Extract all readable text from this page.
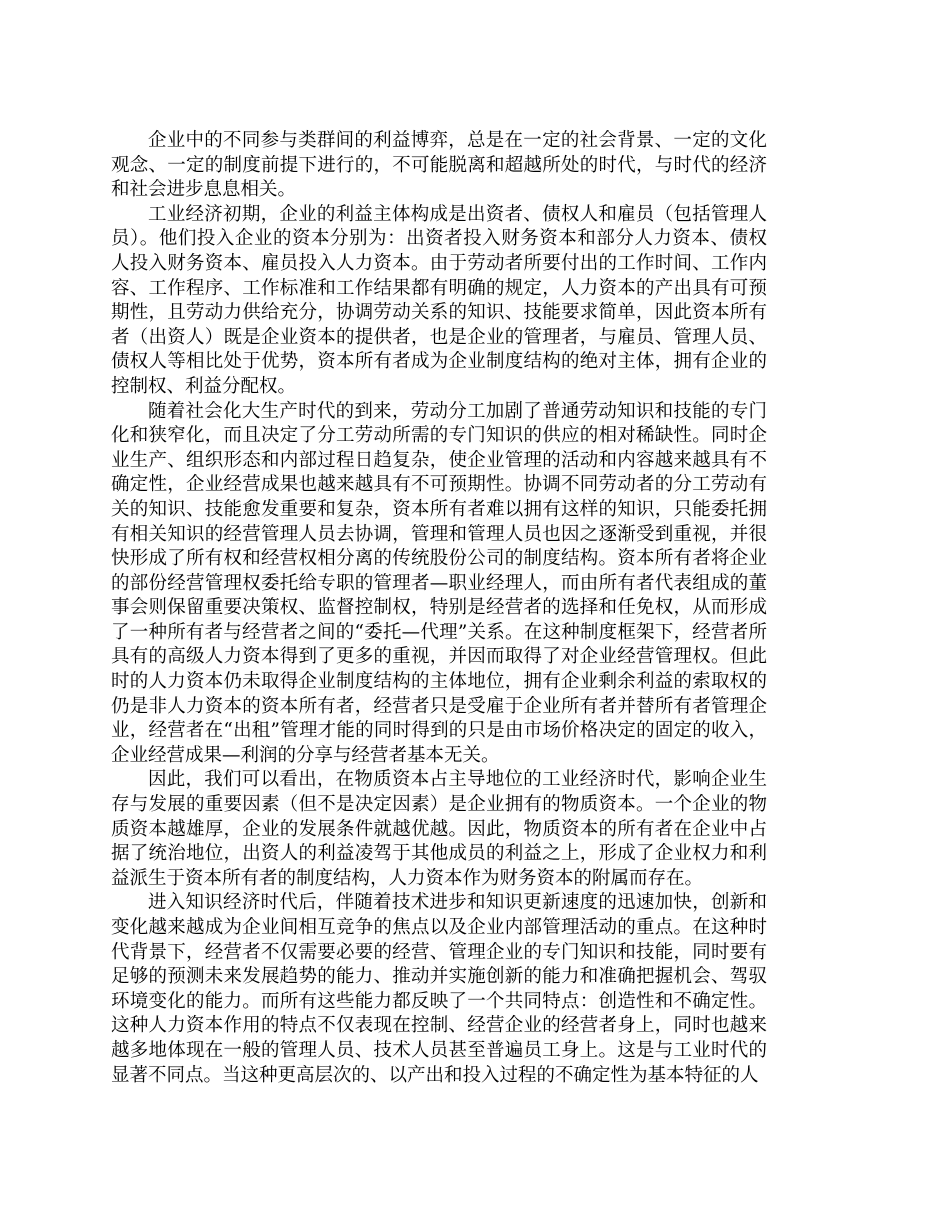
企业中的不同参与类群间的利益博弈，总是在一定的社会背景、一定的文化观念、一定的制度前提下进行的，不可能脱离和超越所处的时代，与时代的经济和社会进步息息相关。

工业经济初期，企业的利益主体构成是出资者、债权人和雇员（包括管理人员）。他们投入企业的资本分别为：出资者投入财务资本和部分人力资本、债权人投入财务资本、雇员投入人力资本。由于劳动者所要付出的工作时间、工作内容、工作程序、工作标准和工作结果都有明确的规定，人力资本的产出具有可预期性，且劳动力供给充分，协调劳动关系的知识、技能要求简单，因此资本所有者（出资人）既是企业资本的提供者，也是企业的管理者，与雇员、管理人员、债权人等相比处于优势，资本所有者成为企业制度结构的绝对主体，拥有企业的控制权、利益分配权。

随着社会化大生产时代的到来，劳动分工加剧了普通劳动知识和技能的专门化和狭窄化，而且决定了分工劳动所需的专门知识的供应的相对稀缺性。同时企业生产、组织形态和内部过程日趋复杂，使企业管理的活动和内容越来越具有不确定性，企业经营成果也越来越具有不可预期性。协调不同劳动者的分工劳动有关的知识、技能愈发重要和复杂，资本所有者难以拥有这样的知识，只能委托拥有相关知识的经营管理人员去协调，管理和管理人员也因之逐渐受到重视，并很快形成了所有权和经营权相分离的传统股份公司的制度结构。资本所有者将企业的部份经营管理权委托给专职的管理者—职业经理人，而由所有者代表组成的董事会则保留重要决策权、监督控制权，特别是经营者的选择和任免权，从而形成了一种所有者与经营者之间的“委托—代理”关系。在这种制度框架下，经营者所具有的高级人力资本得到了更多的重视，并因而取得了对企业经营管理权。但此时的人力资本仍未取得企业制度结构的主体地位，拥有企业剩余利益的索取权的仍是非人力资本的资本所有者，经营者只是受雇于企业所有者并替所有者管理企业，经营者在“出租”管理才能的同时得到的只是由市场价格决定的固定的收入，企业经营成果—利润的分享与经营者基本无关。

因此，我们可以看出，在物质资本占主导地位的工业经济时代，影响企业生存与发展的重要因素（但不是决定因素）是企业拥有的物质资本。一个企业的物质资本越雄厚，企业的发展条件就越优越。因此，物质资本的所有者在企业中占据了统治地位，出资人的利益凌驾于其他成员的利益之上，形成了企业权力和利益派生于资本所有者的制度结构，人力资本作为财务资本的附属而存在。

进入知识经济时代后，伴随着技术进步和知识更新速度的迅速加快，创新和变化越来越成为企业间相互竞争的焦点以及企业内部管理活动的重点。在这种时代背景下，经营者不仅需要必要的经营、管理企业的专门知识和技能，同时要有足够的预测未来发展趋势的能力、推动并实施创新的能力和准确把握机会、驾驭环境变化的能力。而所有这些能力都反映了一个共同特点：创造性和不确定性。这种人力资本作用的特点不仅表现在控制、经营企业的经营者身上，同时也越来越多地体现在一般的管理人员、技术人员甚至普遍员工身上。这是与工业时代的显著不同点。当这种更高层次的、以产出和投入过程的不确定性为基本特征的人
